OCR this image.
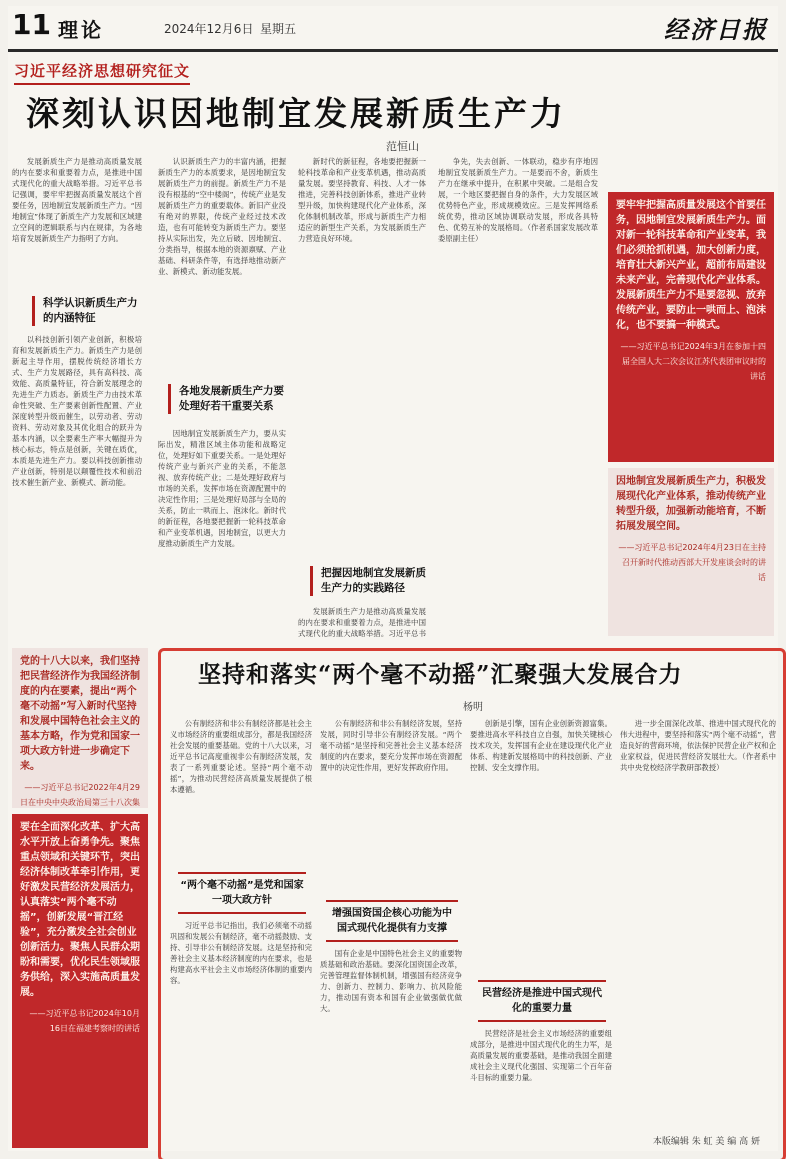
11 理论	2024年12月6日 星期五	经济日报
习近平经济思想研究征文
深刻认识因地制宜发展新质生产力
范恒山

发展新质生产力是推动高质量发展的内在要求和重要着力点，是推进中国式现代化的重大战略举措。习近平总书记强调，要牢牢把握高质量发展这个首要任务，因地制宜发展新质生产力。“因地制宜”体现了新质生产力发展和区域建立空间的逻辑联系与内在规律，为各地培育发展新质生产力指明了方向。

科学认识新质生产力的内涵特征

以科技创新引领产业创新，积极培育和发展新质生产力。新质生产力是创新起主导作用，摆脱传统经济增长方式、生产力发展路径，具有高科技、高效能、高质量特征，符合新发展理念的先进生产力质态。新质生产力由技术革命性突破、生产要素创新性配置、产业深度转型升级而催生，以劳动者、劳动资料、劳动对象及其优化组合的跃升为基本内涵，以全要素生产率大幅提升为核心标志，特点是创新，关键在质优，本质是先进生产力。要以科技创新推动产业创新，特别是以颠覆性技术和前沿技术催生新产业、新模式、新动能。

认识新质生产力的丰富内涵，把握新质生产力的本质要求，是因地制宜发展新质生产力的前提。新质生产力不是没有根基的“空中楼阁”，传统产业是发展新质生产力的重要载体。新旧产业没有绝对的界限，传统产业经过技术改造，也有可能转变为新质生产力。要坚持从实际出发，先立后破、因地制宜、分类指导，根据本地的资源禀赋、产业基础、科研条件等，有选择地推动新产业、新模式、新动能发展。

各地发展新质生产力要处理好若干重要关系

因地制宜发展新质生产力，要从实际出发，精准区域主体功能和战略定位，处理好如下重要关系。一是处理好传统产业与新兴产业的关系，不能忽视、放弃传统产业；二是处理好政府与市场的关系，发挥市场在资源配置中的决定性作用；三是处理好局部与全局的关系，防止一哄而上、泡沫化。新时代的新征程，各地要把握新一轮科技革命和产业变革机遇，因地制宜，以更大力度推动新质生产力发展。

新时代的新征程，各地要把握新一轮科技革命和产业变革机遇，推动高质量发展。要坚持教育、科技、人才一体推进，完善科技创新体系，推进产业转型升级，加快构建现代化产业体系，深化体制机制改革，形成与新质生产力相适应的新型生产关系，为发展新质生产力营造良好环境。

把握因地制宜发展新质生产力的实践路径

发展新质生产力是推动高质量发展的内在要求和重要着力点，是推进中国式现代化的重大战略举措。习近平总书

争先，失去创新、一体联动，稳步有序地因地制宜发展新质生产力。一是要而不舍，新质生产力在继承中提升，在积累中突破。二是组合发展，一个地区要把握自身的条件，大力发展区域优势特色产业，形成规模效应。三是发挥网络系统优势，推动区域协调联动发展，形成各具特色、优势互补的发展格局。（作者系国家发展改革委原副主任）

要牢牢把握高质量发展这个首要任务，因地制宜发展新质生产力。面对新一轮科技革命和产业变革，我们必须抢抓机遇，加大创新力度，培育壮大新兴产业，超前布局建设未来产业，完善现代化产业体系。发展新质生产力不是要忽视、放弃传统产业，要防止一哄而上、泡沫化，也不要搞一种模式。
——习近平总书记2024年3月在参加十四届全国人大二次会议江苏代表团审议时的讲话
因地制宜发展新质生产力，积极发展现代化产业体系，推动传统产业转型升级，加强新动能培育，不断拓展发展空间。
——习近平总书记2024年4月23日在主持召开新时代推动西部大开发座谈会时的讲话
党的十八大以来，我们坚持把民营经济作为我国经济制度的内在要素，提出“两个毫不动摇”写入新时代坚持和发展中国特色社会主义的基本方略，作为党和国家一项大政方针进一步确定下来。
——习近平总书记2022年4月29日在中央中央政治局第三十八次集
要在全面深化改革、扩大高水平开放上奋勇争先。聚焦重点领域和关键环节，突出经济体制改革牵引作用，更好激发民营经济发展活力，认真落实“两个毫不动摇”，创新发展“晋江经验”，充分激发全社会创业创新活力。聚焦人民群众期盼和需要，优化民生领域服务供给，深入实施高质量发展。
——习近平总书记2024年10月16日在福建考察时的讲话
坚持和落实“两个毫不动摇”汇聚强大发展合力
杨明

公有制经济和非公有制经济都是社会主义市场经济的重要组成部分，都是我国经济社会发展的重要基础。党的十八大以来，习近平总书记高度重视非公有制经济发展，发表了一系列重要论述。坚持“两个毫不动摇”，为推动民营经济高质量发展提供了根本遵循。

“两个毫不动摇”是党和国家一项大政方针

习近平总书记指出，我们必须毫不动摇巩固和发展公有制经济，毫不动摇鼓励、支持、引导非公有制经济发展。这是坚持和完善社会主义基本经济制度的内在要求，也是构建高水平社会主义市场经济体制的重要内容。

公有制经济和非公有制经济发展，坚持发展，同时引导非公有制经济发展。“两个毫不动摇”是坚持和完善社会主义基本经济制度的内在要求，要充分发挥市场在资源配置中的决定性作用，更好发挥政府作用。

增强国资国企核心功能为中国式现代化提供有力支撑

国有企业是中国特色社会主义的重要物质基础和政治基础。要深化国资国企改革，完善管理监督体制机制，增强国有经济竞争力、创新力、控制力、影响力、抗风险能力，推动国有资本和国有企业做强做优做大。

创新是引擎，国有企业创新资源富集。要推进高水平科技自立自强，加快关键核心技术攻关，发挥国有企业在建设现代化产业体系、构建新发展格局中的科技创新、产业控制、安全支撑作用。

民营经济是推进中国式现代化的重要力量

民营经济是社会主义市场经济的重要组成部分，是推进中国式现代化的生力军，是高质量发展的重要基础，是推动我国全面建成社会主义现代化强国、实现第二个百年奋斗目标的重要力量。

进一步全面深化改革、推进中国式现代化的伟大进程中，要坚持和落实“两个毫不动摇”，营造良好的营商环境，依法保护民营企业产权和企业家权益，促进民营经济发展壮大。（作者系中共中央党校经济学教研部教授）

本版编辑 朱 虹 美 编 高 妍
